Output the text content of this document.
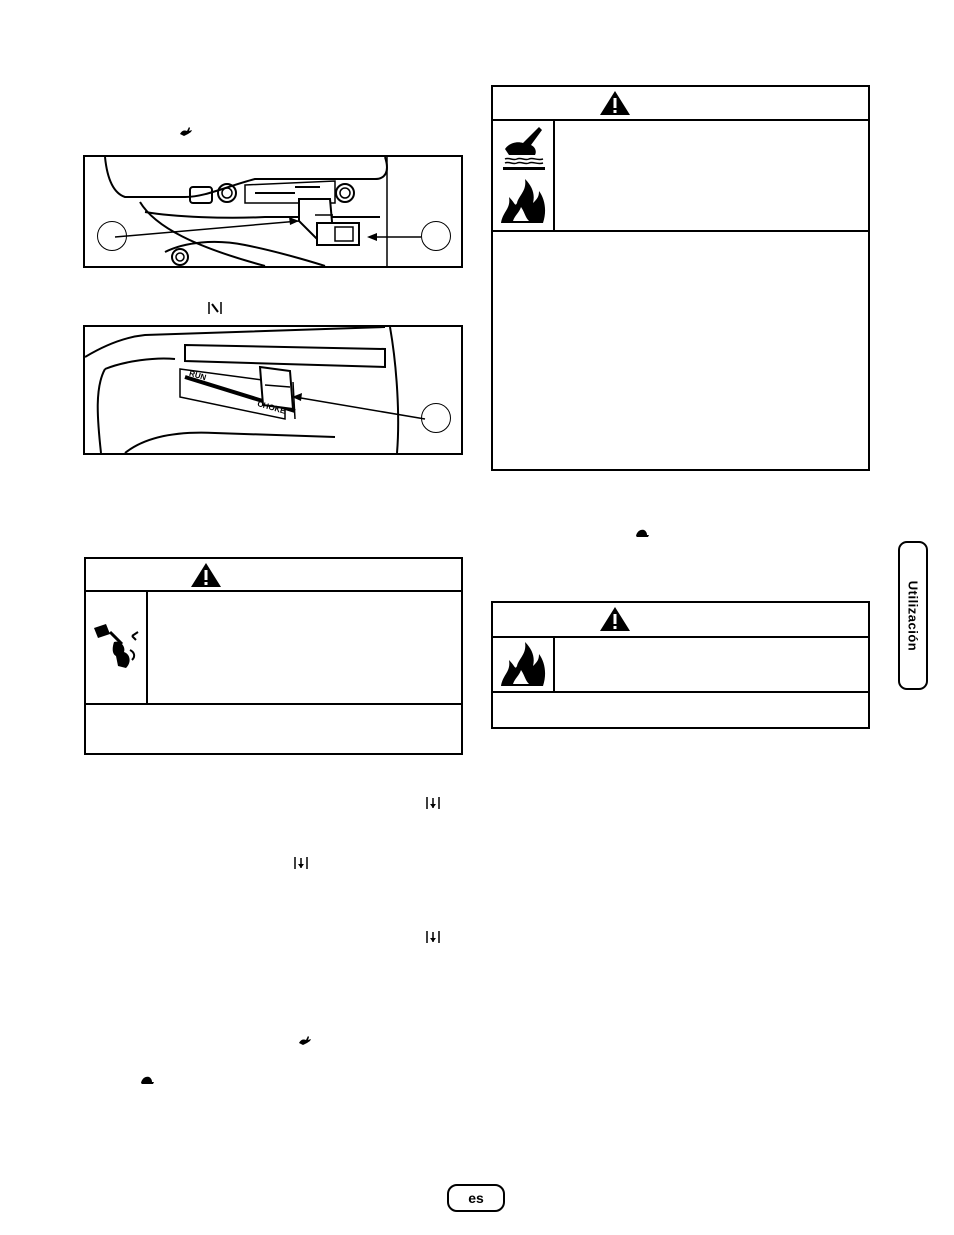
RUN
CHOKE
Utilización
es
